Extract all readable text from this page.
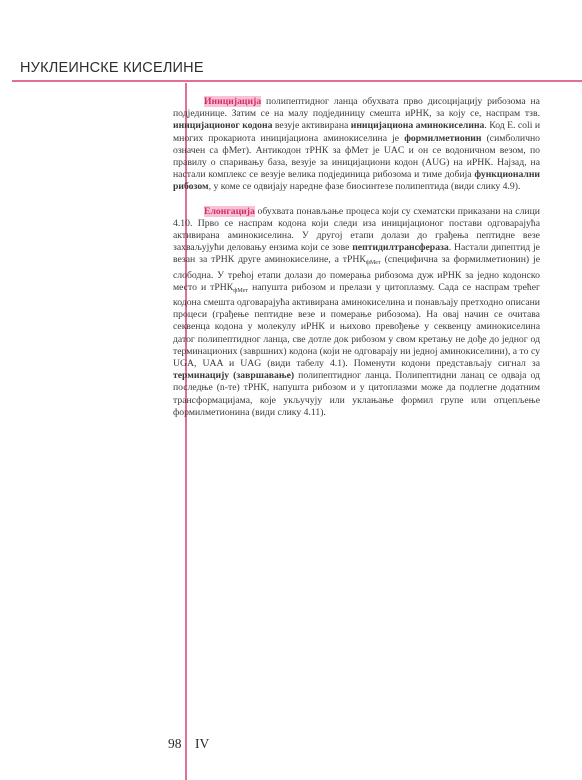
НУКЛЕИНСКЕ КИСЕЛИНЕ

Иницијација полипептидног ланца обухвата прво дисоцијацију рибозома на подјединице. Затим се на малу подјединицу смешта иРНК, за коју се, наспрам тзв. иницијационог кодона везује активирана иницијациона аминокиселина. Код E. coli и многих прокариота иницијациона аминокиселина је формилметионин (симболично означен са фМет). Антикодон тРНК за фМет је UAC и он се водоничном везом, по правилу о спаривању база, везује за иницијациони кодон (AUG) на иРНК. Најзад, на настали комплекс се везује велика подјединица рибозома и тиме добија функционални рибозом, у коме се одвијају наредне фазе биосинтезе полипептида (види слику 4.9).

Елонгација обухвата понављање процеса који су схематски приказани на слици 4.10. Прво се наспрам кодона који следи иза иницијационог постави одговарајућа активирана аминокиселина. У другој етапи долази до грађења пептидне везе захваљујући деловању ензима који се зове пептидилтрансфераза. Настали дипептид је везан за тРНК друге аминокиселине, а тРНК$_{фМет}$ (специфична за формилметионин) је слободна. У трећој етапи долази до померања рибозома дуж иРНК за једно кодонско место и тРНК$_{фМет}$ напушта рибозом и прелази у цитоплазму. Сада се наспрам трећег кодона смешта одговарајућа активирана аминокиселина и понављају претходно описани процеси (грађење пептидне везе и померање рибозома). На овај начин се очитава секвенца кодона у молекулу иРНК и њихово превођење у секвенцу аминокиселина датог полипептидног ланца, све дотле док рибозом у свом кретању не дође до једног од терминационих (завршних) кодона (који не одговарају ни једној аминокиселини), а то су UGA, UAA и UAG (види табелу 4.1). Поменути кодони представљају сигнал за терминацију (завршавање) полипептидног ланца. Полипептидни ланац се одваја од последње (n-те) тРНК, напушта рибозом и у цитоплазми може да подлегне додатним трансформацијама, које укључују или уклањање формил групе или отцепљење формилметионина (види слику 4.11).

98 IV
